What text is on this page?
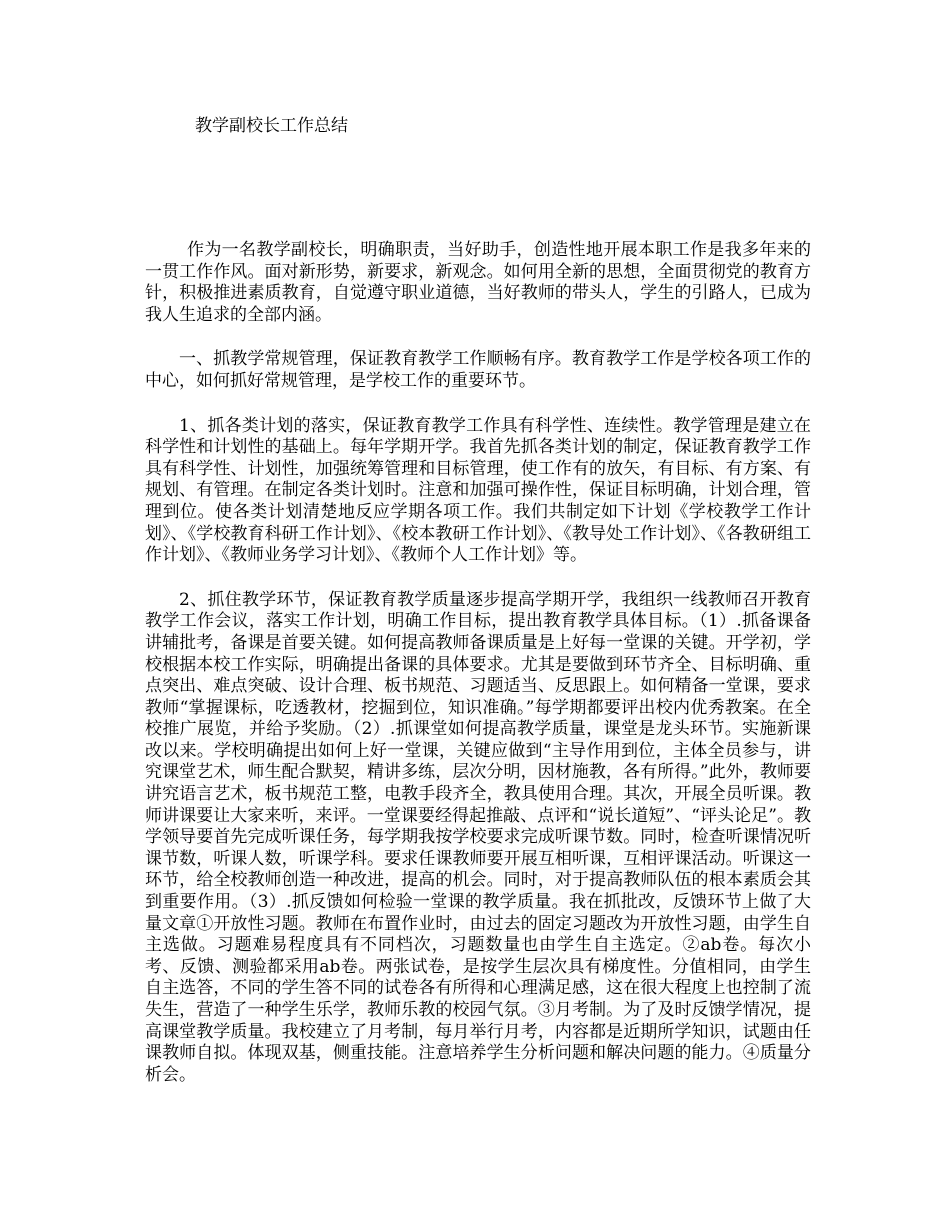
教学副校长工作总结

作为一名教学副校长，明确职责，当好助手，创造性地开展本职工作是我多年来的一贯工作作风。面对新形势，新要求，新观念。如何用全新的思想，全面贯彻党的教育方针，积极推进素质教育，自觉遵守职业道德，当好教师的带头人，学生的引路人，已成为我人生追求的全部内涵。

一、抓教学常规管理，保证教育教学工作顺畅有序。教育教学工作是学校各项工作的中心，如何抓好常规管理，是学校工作的重要环节。

1、抓各类计划的落实，保证教育教学工作具有科学性、连续性。教学管理是建立在科学性和计划性的基础上。每年学期开学。我首先抓各类计划的制定，保证教育教学工作具有科学性、计划性，加强统筹管理和目标管理，使工作有的放矢，有目标、有方案、有规划、有管理。在制定各类计划时。注意和加强可操作性，保证目标明确，计划合理，管理到位。使各类计划清楚地反应学期各项工作。我们共制定如下计划《学校教学工作计划》、《学校教育科研工作计划》、《校本教研工作计划》、《教导处工作计划》、《各教研组工作计划》、《教师业务学习计划》、《教师个人工作计划》等。

2、抓住教学环节，保证教育教学质量逐步提高学期开学，我组织一线教师召开教育教学工作会议，落实工作计划，明确工作目标，提出教育教学具体目标。（1）.抓备课备讲辅批考，备课是首要关键。如何提高教师备课质量是上好每一堂课的关键。开学初，学校根据本校工作实际，明确提出备课的具体要求。尤其是要做到环节齐全、目标明确、重点突出、难点突破、设计合理、板书规范、习题适当、反思跟上。如何精备一堂课，要求教师“掌握课标，吃透教材，挖掘到位，知识准确。”每学期都要评出校内优秀教案。在全校推广展览，并给予奖励。（2）.抓课堂如何提高教学质量，课堂是龙头环节。实施新课改以来。学校明确提出如何上好一堂课，关键应做到“主导作用到位，主体全员参与，讲究课堂艺术，师生配合默契，精讲多练，层次分明，因材施教，各有所得。”此外，教师要讲究语言艺术，板书规范工整，电教手段齐全，教具使用合理。其次，开展全员听课。教师讲课要让大家来听，来评。一堂课要经得起推敲、点评和“说长道短”、“评头论足”。教学领导要首先完成听课任务，每学期我按学校要求完成听课节数。同时，检查听课情况听课节数，听课人数，听课学科。要求任课教师要开展互相听课，互相评课活动。听课这一环节，给全校教师创造一种改进，提高的机会。同时，对于提高教师队伍的根本素质会其到重要作用。（3）.抓反馈如何检验一堂课的教学质量。我在抓批改，反馈环节上做了大量文章①开放性习题。教师在布置作业时，由过去的固定习题改为开放性习题，由学生自主选做。习题难易程度具有不同档次，习题数量也由学生自主选定。②ab卷。每次小考、反馈、测验都采用ab卷。两张试卷，是按学生层次具有梯度性。分值相同，由学生自主选答，不同的学生答不同的试卷各有所得和心理满足感，这在很大程度上也控制了流失生，营造了一种学生乐学，教师乐教的校园气氛。③月考制。为了及时反馈学情况，提高课堂教学质量。我校建立了月考制，每月举行月考，内容都是近期所学知识，试题由任课教师自拟。体现双基，侧重技能。注意培养学生分析问题和解决问题的能力。④质量分析会。
